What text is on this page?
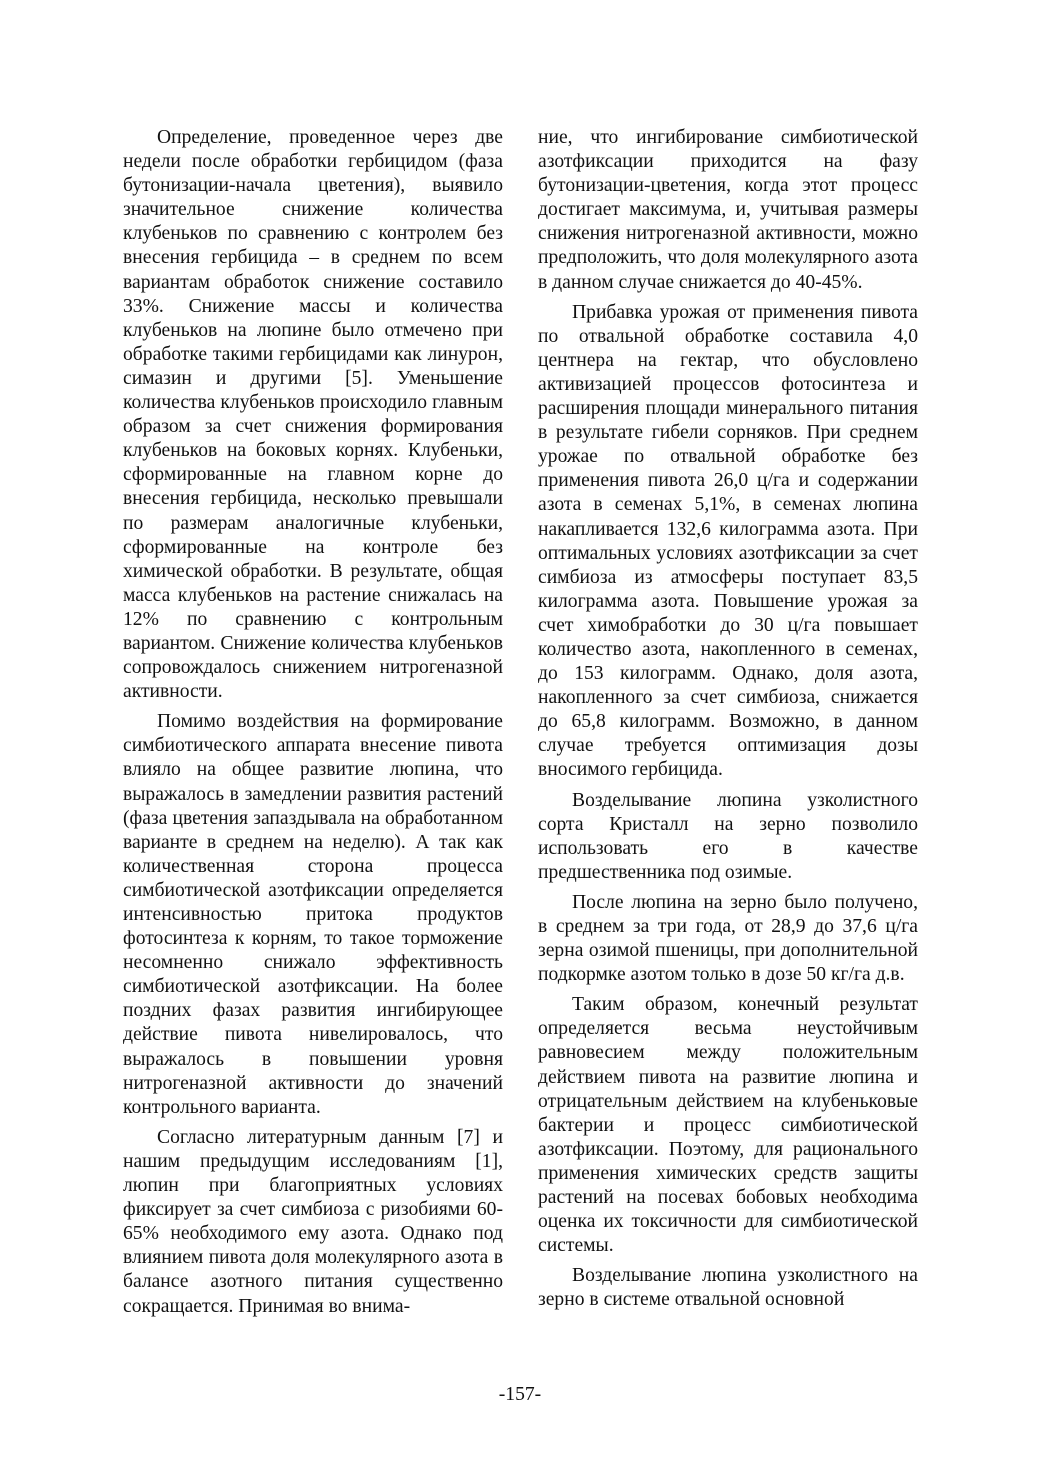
Определение, проведенное через две недели после обработки гербицидом (фаза бутонизации-начала цветения), выявило значительное снижение количества клубеньков по сравнению с контролем без внесения гербицида – в среднем по всем вариантам обработок снижение составило 33%. Снижение массы и количества клубеньков на люпине было отмечено при обработке такими гербицидами как линурон, симазин и другими [5]. Уменьшение количества клубеньков происходило главным образом за счет снижения формирования клубеньков на боковых корнях. Клубеньки, сформированные на главном корне до внесения гербицида, несколько превышали по размерам аналогичные клубеньки, сформированные на контроле без химической обработки. В результате, общая масса клубеньков на растение снижалась на 12% по сравнению с контрольным вариантом. Снижение количества клубеньков сопровождалось снижением нитрогеназной активности.

Помимо воздействия на формирование симбиотического аппарата внесение пивота влияло на общее развитие люпина, что выражалось в замедлении развития растений (фаза цветения запаздывала на обработанном варианте в среднем на неделю). А так как количественная сторона процесса симбиотической азотфиксации определяется интенсивностью притока продуктов фотосинтеза к корням, то такое торможение несомненно снижало эффективность симбиотической азотфиксации. На более поздних фазах развития ингибирующее действие пивота нивелировалось, что выражалось в повышении уровня нитрогеназной активности до значений контрольного варианта.

Согласно литературным данным [7] и нашим предыдущим исследованиям [1], люпин при благоприятных условиях фиксирует за счет симбиоза с ризобиями 60-65% необходимого ему азота. Однако под влиянием пивота доля молекулярного азота в балансе азотного питания существенно сокращается. Принимая во внима-

ние, что ингибирование симбиотической азотфиксации приходится на фазу бутонизации-цветения, когда этот процесс достигает максимума, и, учитывая размеры снижения нитрогеназной активности, можно предположить, что доля молекулярного азота в данном случае снижается до 40-45%.

Прибавка урожая от применения пивота по отвальной обработке составила 4,0 центнера на гектар, что обусловлено активизацией процессов фотосинтеза и расширения площади минерального питания в результате гибели сорняков. При среднем урожае по отвальной обработке без применения пивота 26,0 ц/га и содержании азота в семенах 5,1%, в семенах люпина накапливается 132,6 килограмма азота. При оптимальных условиях азотфиксации за счет симбиоза из атмосферы поступает 83,5 килограмма азота. Повышение урожая за счет химобработки до 30 ц/га повышает количество азота, накопленного в семенах, до 153 килограмм. Однако, доля азота, накопленного за счет симбиоза, снижается до 65,8 килограмм. Возможно, в данном случае требуется оптимизация дозы вносимого гербицида.

Возделывание люпина узколистного сорта Кристалл на зерно позволило использовать его в качестве предшественника под озимые.

После люпина на зерно было получено, в среднем за три года, от 28,9 до 37,6 ц/га зерна озимой пшеницы, при дополнительной подкормке азотом только в дозе 50 кг/га д.в.

Таким образом, конечный результат определяется весьма неустойчивым равновесием между положительным действием пивота на развитие люпина и отрицательным действием на клубеньковые бактерии и процесс симбиотической азотфиксации. Поэтому, для рационального применения химических средств защиты растений на посевах бобовых необходима оценка их токсичности для симбиотической системы.

Возделывание люпина узколистного на зерно в системе отвальной основной

-157-
